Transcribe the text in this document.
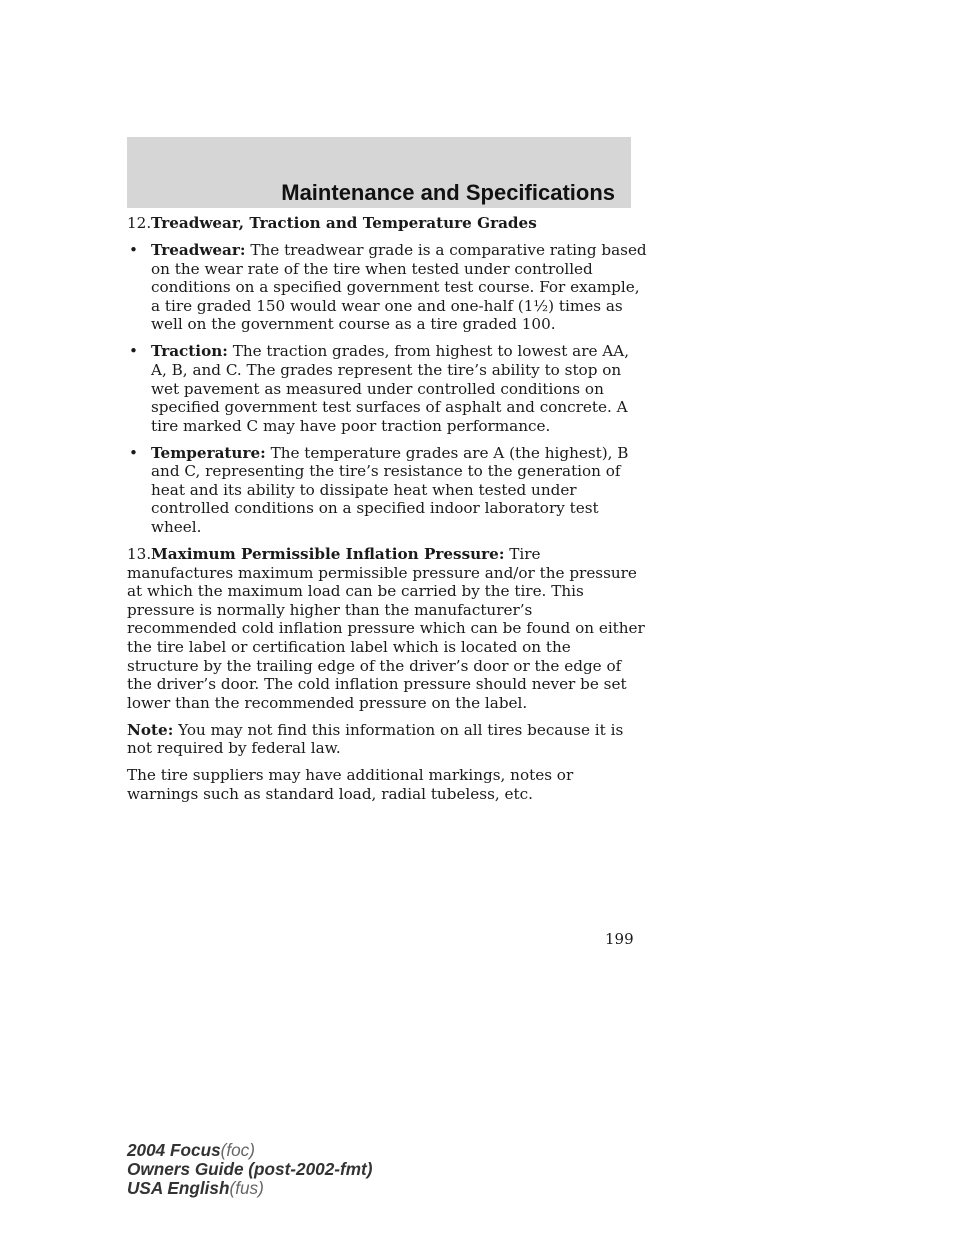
Maintenance and Specifications

12.Treadwear, Traction and Temperature Grades

• Treadwear: The treadwear grade is a comparative rating based on the wear rate of the tire when tested under controlled conditions on a specified government test course. For example, a tire graded 150 would wear one and one-half (1½) times as well on the government course as a tire graded 100.
• Traction: The traction grades, from highest to lowest are AA, A, B, and C. The grades represent the tire’s ability to stop on wet pavement as measured under controlled conditions on specified government test surfaces of asphalt and concrete. A tire marked C may have poor traction performance.
• Temperature: The temperature grades are A (the highest), B and C, representing the tire’s resistance to the generation of heat and its ability to dissipate heat when tested under controlled conditions on a specified indoor laboratory test wheel.

13.Maximum Permissible Inflation Pressure: Tire manufactures maximum permissible pressure and/or the pressure at which the maximum load can be carried by the tire. This pressure is normally higher than the manufacturer’s recommended cold inflation pressure which can be found on either the tire label or certification label which is located on the structure by the trailing edge of the driver’s door or the edge of the driver’s door. The cold inflation pressure should never be set lower than the recommended pressure on the label.

Note: You may not find this information on all tires because it is not required by federal law.

The tire suppliers may have additional markings, notes or warnings such as standard load, radial tubeless, etc.

199
2004 Focus(foc)
Owners Guide (post-2002-fmt)
USA English(fus)
